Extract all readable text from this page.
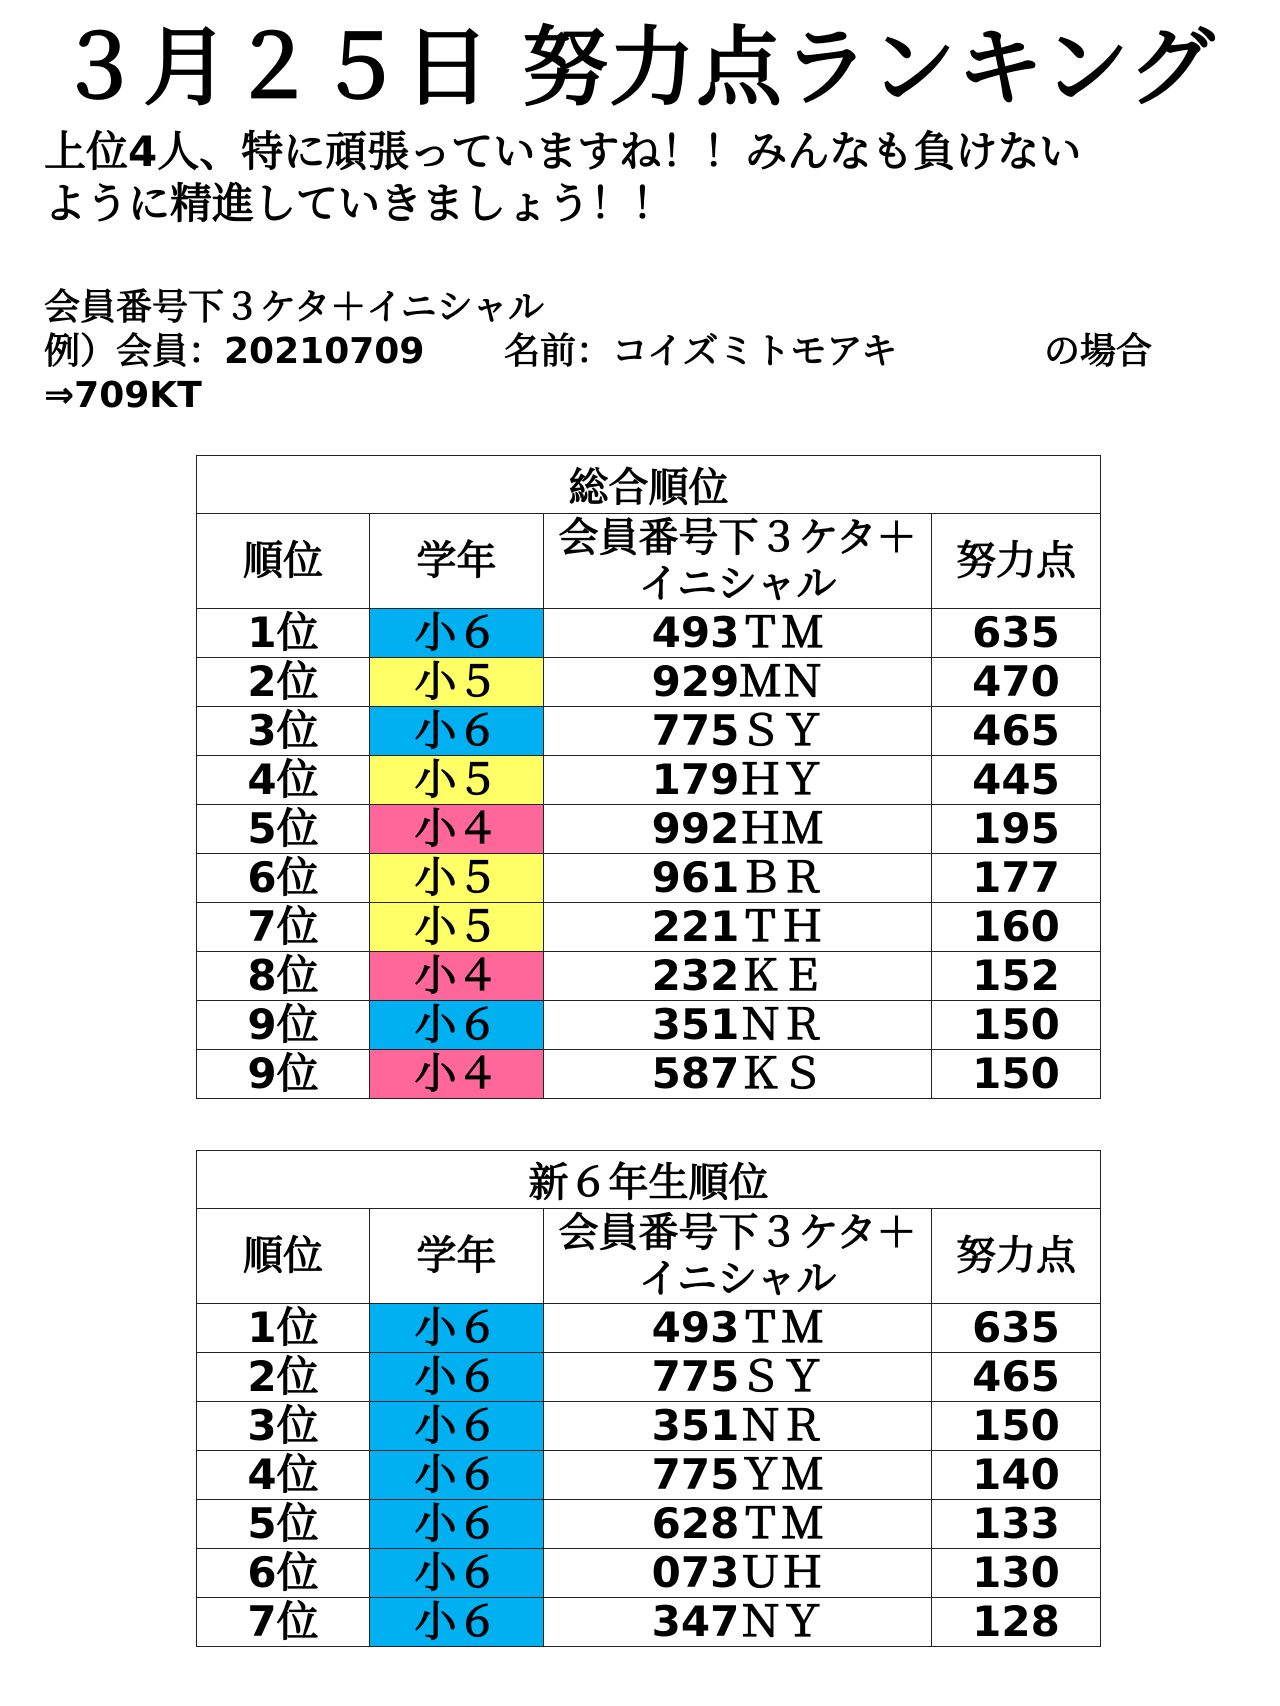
３月２５日 努力点ランキング
上位4人、特に頑張っていますね！！みんなも負けない
ように精進していきましょう！！
会員番号下３ケタ＋イニシャル
例）会員：20210709 名前：コイズミトモアキ	の場合
⇒709KT
総合順位			
順位	学年	会員番号下３ケタ＋イニシャル	努力点
1位	小６	493ＴＭ	635
2位	小５	929ＭＮ	470
3位	小６	775ＳＹ	465
4位	小５	179ＨＹ	445
5位	小４	992ＨＭ	195
6位	小５	961ＢＲ	177
7位	小５	221ＴＨ	160
8位	小４	232ＫＥ	152
9位	小６	351ＮＲ	150
9位	小４	587ＫＳ	150
新６年生順位			
順位	学年	会員番号下３ケタ＋イニシャル	努力点
1位	小６	493ＴＭ	635
2位	小６	775ＳＹ	465
3位	小６	351ＮＲ	150
4位	小６	775ＹＭ	140
5位	小６	628ＴＭ	133
6位	小６	073ＵＨ	130
7位	小６	347ＮＹ	128
